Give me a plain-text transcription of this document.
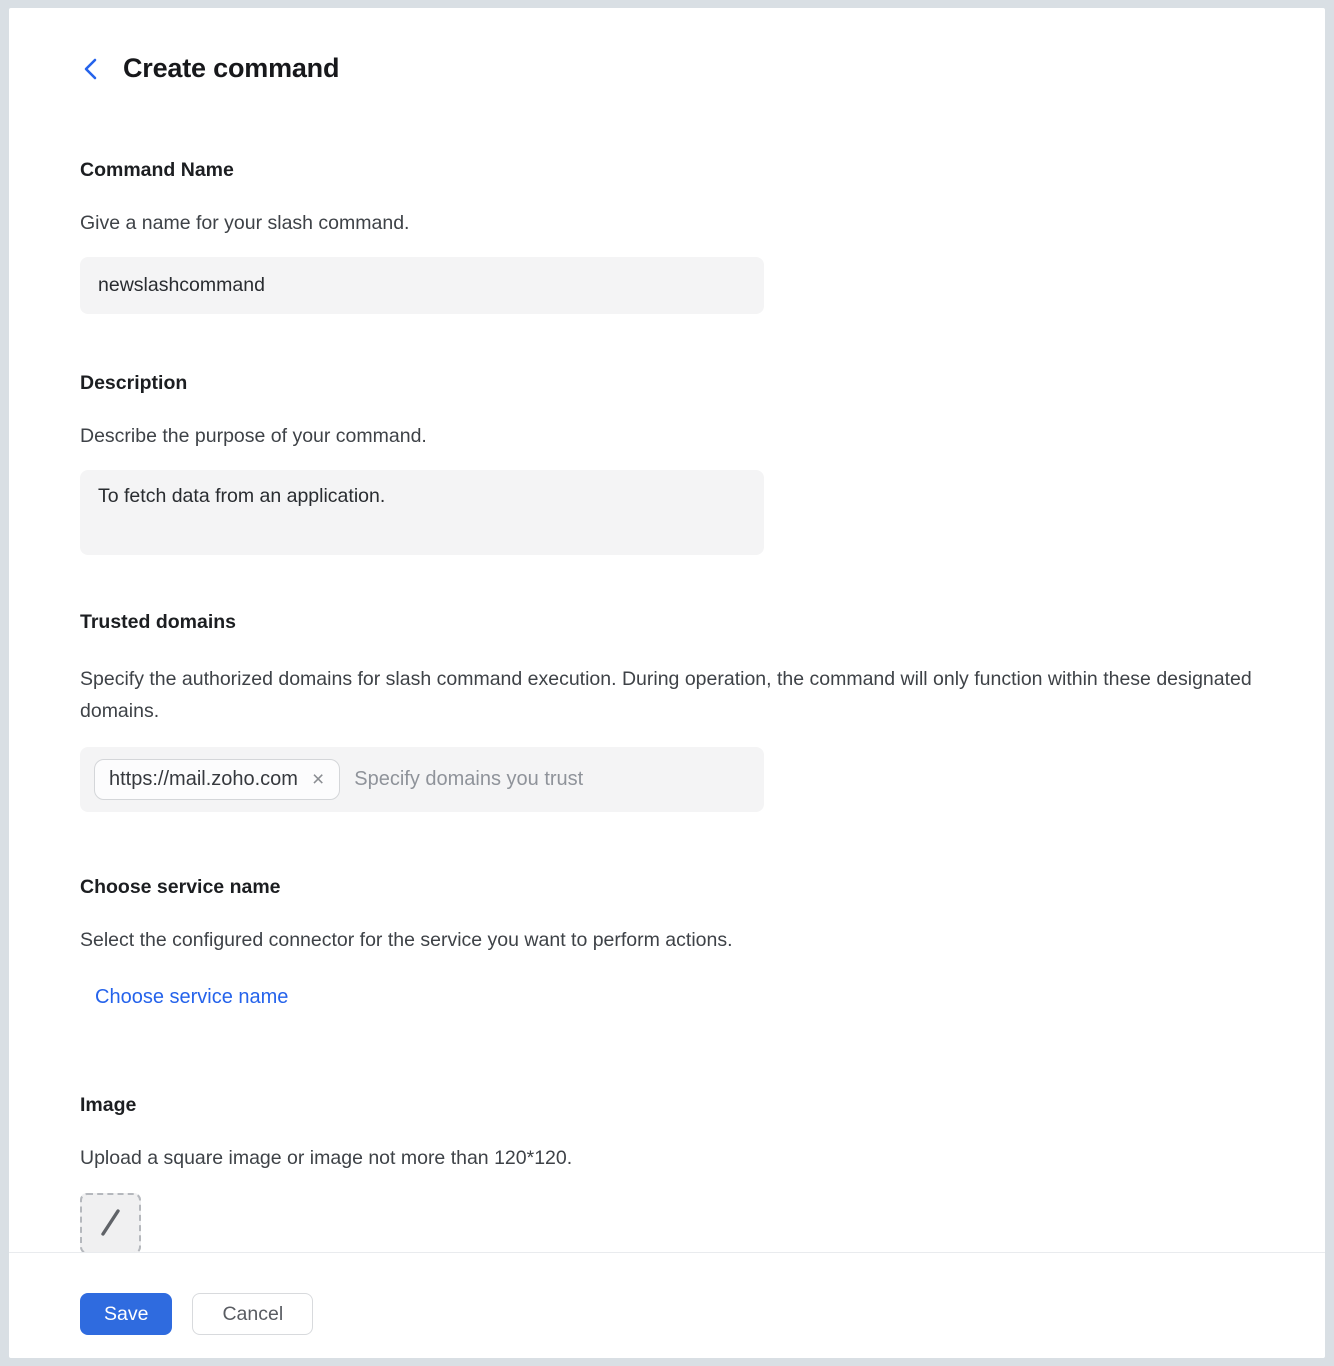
Create command
Command Name
Give a name for your slash command.
newslashcommand
Description
Describe the purpose of your command.
To fetch data from an application.
Trusted domains
Specify the authorized domains for slash command execution. During operation, the command will only function within these designated domains.
https://mail.zoho.com ×
Specify domains you trust
Choose service name
Select the configured connector for the service you want to perform actions.
Choose service name
Image
Upload a square image or image not more than 120*120.
Save	Cancel
